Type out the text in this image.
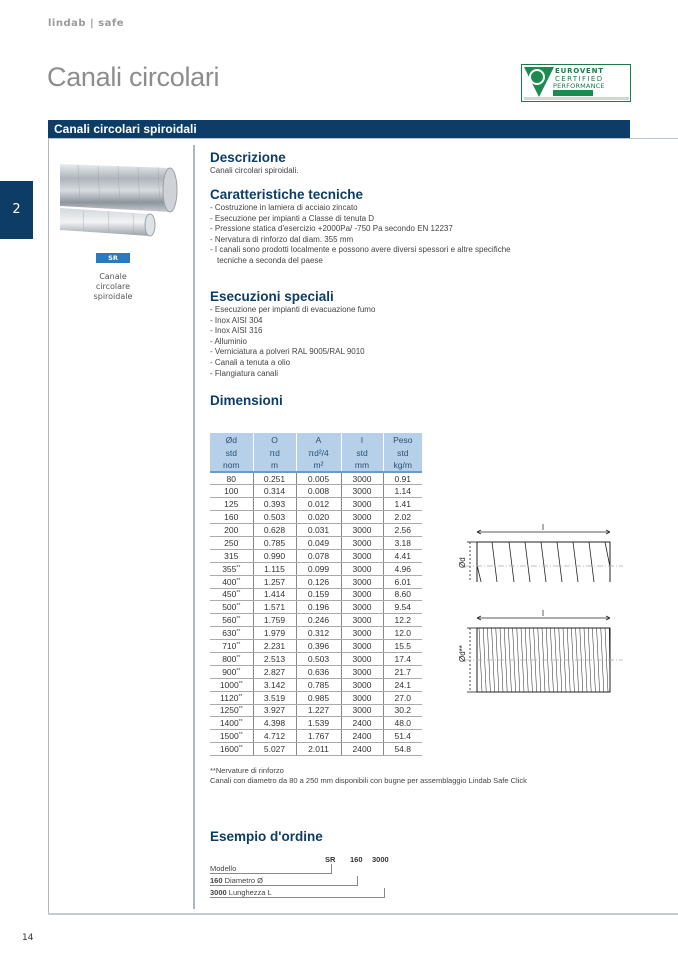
lindab | safe
Canali circolari	EUROVENT
CERTIFIED
PERFORMANCE
Canali circolari spiroidali
2
SR
Canale
circolare
spiroidale
Descrizione
Canali circolari spiroidali.
Caratteristiche tecniche
- Costruzione in lamiera di acciaio zincato
- Esecuzione per impianti a Classe di tenuta D
- Pressione statica d'esercizio +2000Pa/ -750 Pa secondo EN 12237
- Nervatura di rinforzo dal diam. 355 mm
- I canali sono prodotti localmente e possono avere diversi spessori e altre specifiche
tecniche a seconda del paese
Esecuzioni speciali
- Esecuzione per impianti di evacuazione fumo
- Inox AISI 304
- Inox AISI 316
- Alluminio
- Verniciatura a polveri RAL 9005/RAL 9010
- Canali a tenuta a olio
- Flangiatura canali
Dimensioni
Ød	O	A	l	Peso
std	πd	πd²/4	std	std
nom	m	m²	mm	kg/m
80	0.251	0.005	3000	0.91
100	0.314	0.008	3000	1.14
125	0.393	0.012	3000	1.41
160	0.503	0.020	3000	2.02
200	0.628	0.031	3000	2.56
250	0.785	0.049	3000	3.18
315	0.990	0.078	3000	4.41
355**	1.115	0.099	3000	4.96
400**	1.257	0.126	3000	6.01
450**	1.414	0.159	3000	8.60
500**	1.571	0.196	3000	9.54
560**	1.759	0.246	3000	12.2
630**	1.979	0.312	3000	12.0
710**	2.231	0.396	3000	15.5
800**	2.513	0.503	3000	17.4
900**	2.827	0.636	3000	21.7
1000**	3.142	0.785	3000	24.1
1120**	3.519	0.985	3000	27.0
1250**	3.927	1.227	3000	30.2
1400**	4.398	1.539	2400	48.0
1500**	4.712	1.767	2400	51.4
1600**	5.027	2.011	2400	54.8
l
Ød
l
Ød**
**Nervature di rinforzo
Canali con diametro da 80 a 250 mm disponibili con bugne per assemblaggio Lindab Safe Click
Esempio d'ordine
SR 160 3000
Modello
160 Diametro Ø
3000 Lunghezza L
14
